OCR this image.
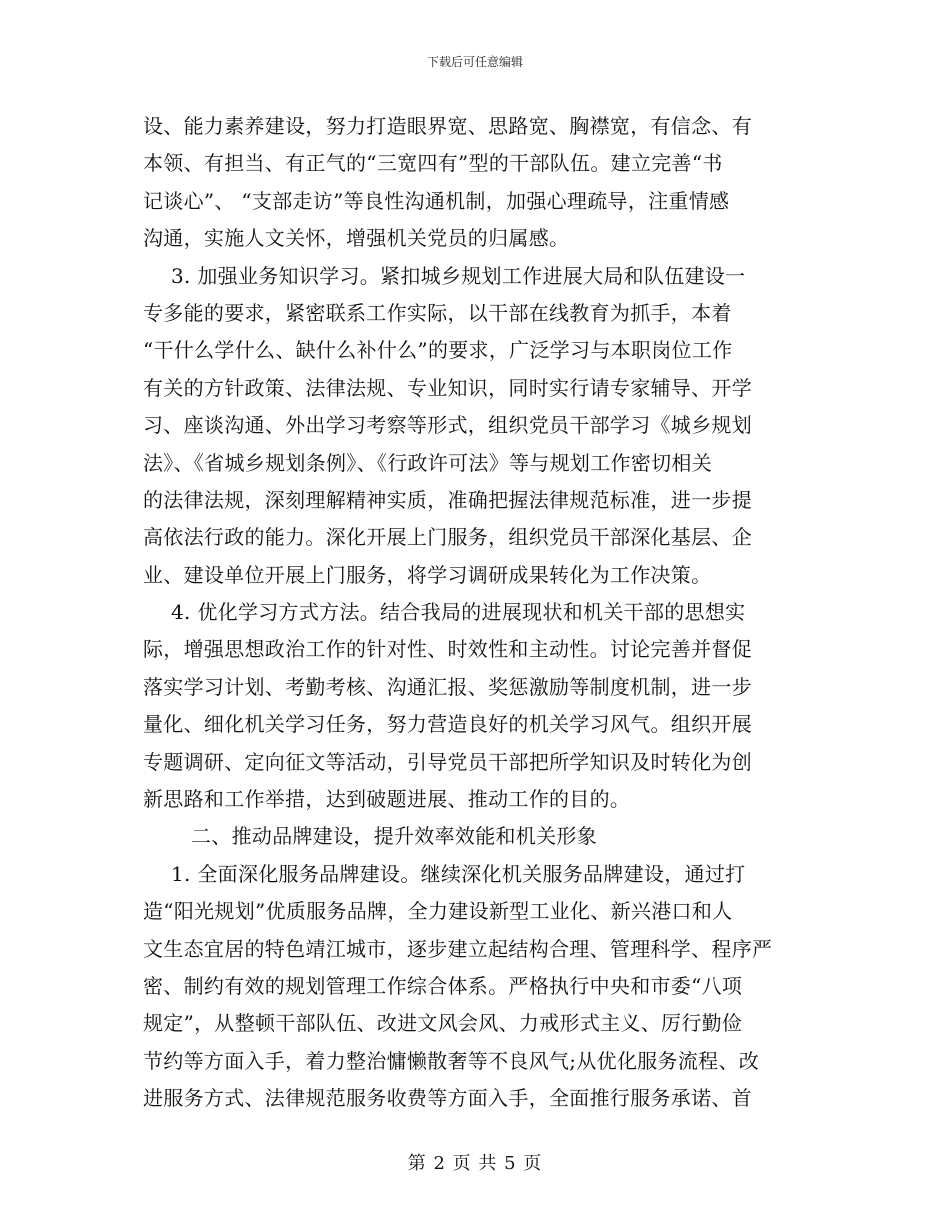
下载后可任意编辑
设、能力素养建设，努力打造眼界宽、思路宽、胸襟宽，有信念、有
本领、有担当、有正气的“三宽四有”型的干部队伍。建立完善“书
记谈心”、 “支部走访”等良性沟通机制，加强心理疏导，注重情感
沟通，实施人文关怀，增强机关党员的归属感。
3. 加强业务知识学习。紧扣城乡规划工作进展大局和队伍建设一
专多能的要求，紧密联系工作实际，以干部在线教育为抓手，本着
“干什么学什么、缺什么补什么”的要求，广泛学习与本职岗位工作
有关的方针政策、法律法规、专业知识，同时实行请专家辅导、开学
习、座谈沟通、外出学习考察等形式，组织党员干部学习《城乡规划
法》、《省城乡规划条例》、《行政许可法》等与规划工作密切相关
的法律法规，深刻理解精神实质，准确把握法律规范标准，进一步提
高依法行政的能力。深化开展上门服务，组织党员干部深化基层、企
业、建设单位开展上门服务，将学习调研成果转化为工作决策。
4. 优化学习方式方法。结合我局的进展现状和机关干部的思想实
际，增强思想政治工作的针对性、时效性和主动性。讨论完善并督促
落实学习计划、考勤考核、沟通汇报、奖惩激励等制度机制，进一步
量化、细化机关学习任务，努力营造良好的机关学习风气。组织开展
专题调研、定向征文等活动，引导党员干部把所学知识及时转化为创
新思路和工作举措，达到破题进展、推动工作的目的。
二、推动品牌建设，提升效率效能和机关形象
1. 全面深化服务品牌建设。继续深化机关服务品牌建设，通过打
造“阳光规划”优质服务品牌，全力建设新型工业化、新兴港口和人
文生态宜居的特色靖江城市，逐步建立起结构合理、管理科学、程序严
密、制约有效的规划管理工作综合体系。严格执行中央和市委“八项
规定”，从整顿干部队伍、改进文风会风、力戒形式主义、厉行勤俭
节约等方面入手，着力整治慵懒散奢等不良风气;从优化服务流程、改
进服务方式、法律规范服务收费等方面入手，全面推行服务承诺、首
第 2 页 共 5 页
